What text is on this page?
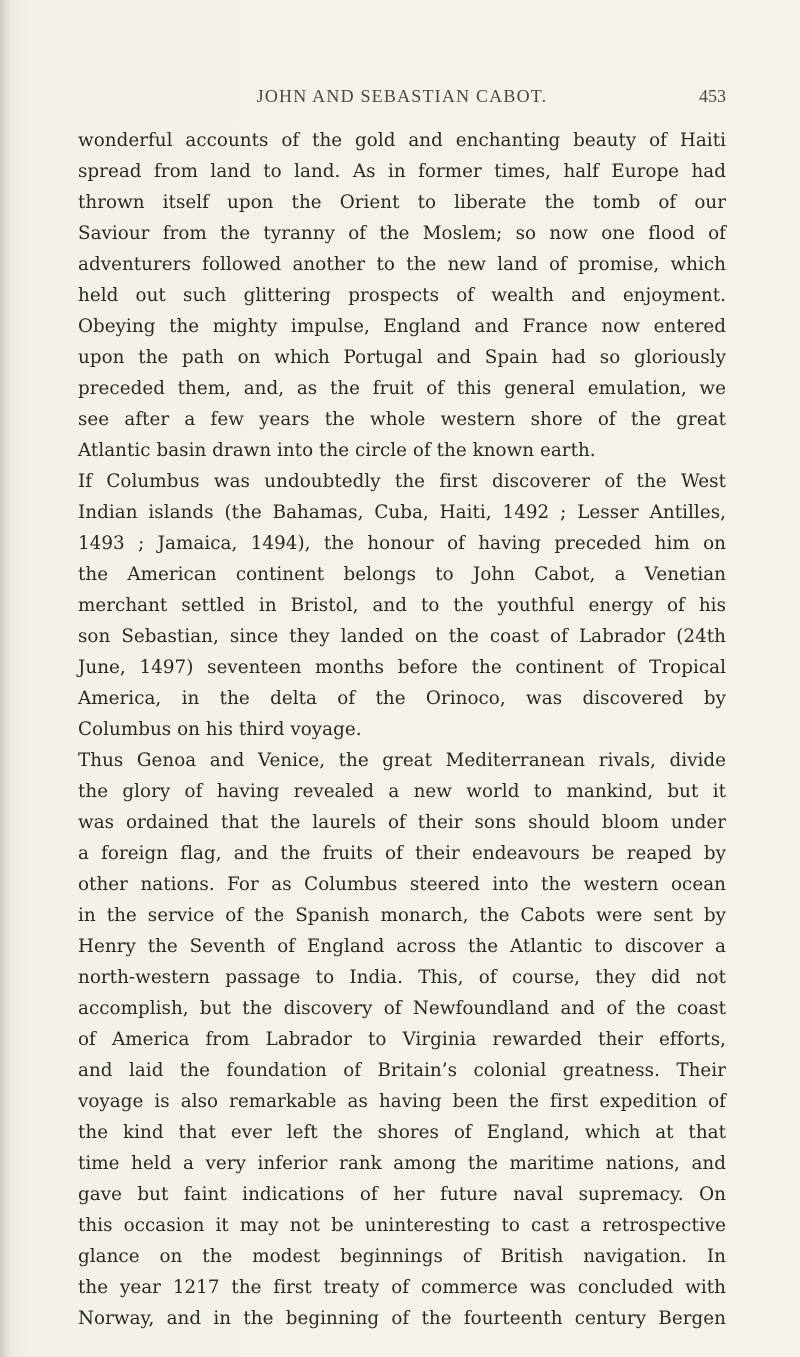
JOHN AND SEBASTIAN CABOT.	453
wonderful accounts of the gold and enchanting beauty of Haiti
spread from land to land. As in former times, half Europe had
thrown itself upon the Orient to liberate the tomb of our
Saviour from the tyranny of the Moslem; so now one flood of
adventurers followed another to the new land of promise, which
held out such glittering prospects of wealth and enjoyment.
Obeying the mighty impulse, England and France now entered
upon the path on which Portugal and Spain had so gloriously
preceded them, and, as the fruit of this general emulation, we
see after a few years the whole western shore of the great
Atlantic basin drawn into the circle of the known earth.
If Columbus was undoubtedly the first discoverer of the West
Indian islands (the Bahamas, Cuba, Haiti, 1492 ; Lesser Antilles,
1493 ; Jamaica, 1494), the honour of having preceded him on
the American continent belongs to John Cabot, a Venetian
merchant settled in Bristol, and to the youthful energy of his
son Sebastian, since they landed on the coast of Labrador (24th
June, 1497) seventeen months before the continent of Tropical
America, in the delta of the Orinoco, was discovered by
Columbus on his third voyage.
Thus Genoa and Venice, the great Mediterranean rivals, divide
the glory of having revealed a new world to mankind, but it
was ordained that the laurels of their sons should bloom under
a foreign flag, and the fruits of their endeavours be reaped by
other nations. For as Columbus steered into the western ocean
in the service of the Spanish monarch, the Cabots were sent by
Henry the Seventh of England across the Atlantic to discover a
north-western passage to India. This, of course, they did not
accomplish, but the discovery of Newfoundland and of the coast
of America from Labrador to Virginia rewarded their efforts,
and laid the foundation of Britain’s colonial greatness. Their
voyage is also remarkable as having been the first expedition of
the kind that ever left the shores of England, which at that
time held a very inferior rank among the maritime nations, and
gave but faint indications of her future naval supremacy. On
this occasion it may not be uninteresting to cast a retrospective
glance on the modest beginnings of British navigation. In
the year 1217 the first treaty of commerce was concluded with
Norway, and in the beginning of the fourteenth century Bergen
